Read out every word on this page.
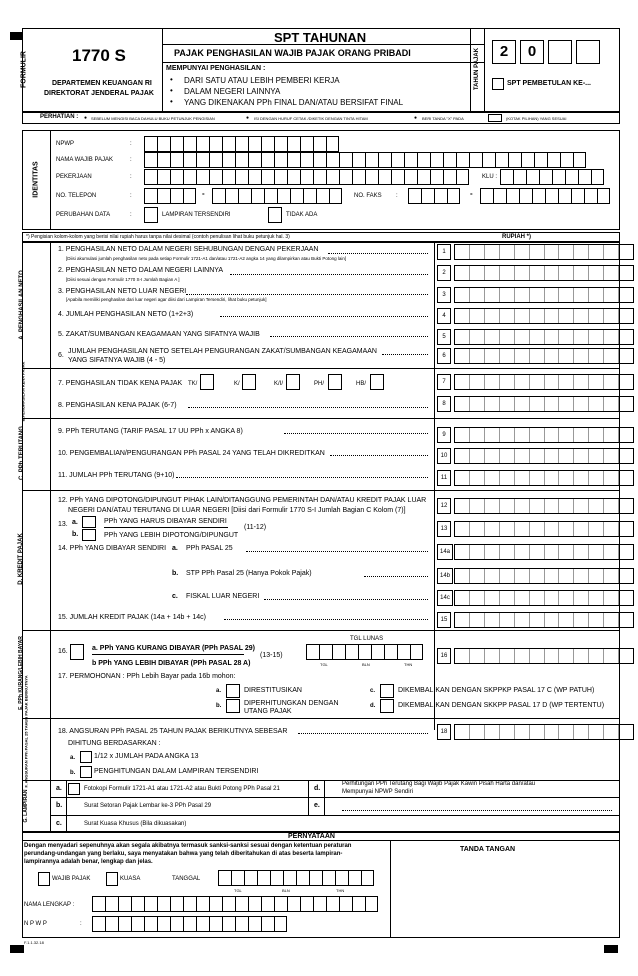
FORMULIR	1770 S
DEPARTEMEN KEUANGAN RI
DIREKTORAT JENDERAL PAJAK
SPT TAHUNAN
PAJAK PENGHASILAN WAJIB PAJAK ORANG PRIBADI
MEMPUNYAI PENGHASILAN :
• DARI SATU ATAU LEBIH PEMBERI KERJA
• DALAM NEGERI LAINNYA
• YANG DIKENAKAN PPh FINAL DAN/ATAU BERSIFAT FINAL
TAHUN PAJAK	2	0
SPT PEMBETULAN KE-...
PERHATIAN : ● SEBELUM MENGISI BACA DAHULU BUKU PETUNJUK PENGISIAN	● ISI DENGAN HURUF CETAK /DIKETIK DENGAN TINTA HITAM	● BERI TANDA "X" PADA	(KOTAK PILIHAN) YANG SESUAI
IDENTITAS
NPWP	:
NAMA WAJIB PAJAK	:
PEKERJAAN	:	KLU :
NO. TELEPON	:	-	NO. FAKS :	-
PERUBAHAN DATA	:	LAMPIRAN TERSENDIRI	TIDAK ADA
*) Pengisian kolom-kolom yang berisi nilai rupiah harus tanpa nilai desimal (contoh penulisan lihat buku petunjuk hal. 3)	RUPIAH *)
A. PENGHASILAN NETO
B.PENGHASILAN KENA PAJAK
C. PPh TERUTANG
D. KREDIT PAJAK
E. PPh KURANG/LEBIH BAYAR
F. ANGSURAN PPh PASAL 25 TAHUN PAJAK BERIKUTNYA
G. LAMPIRAN
1. PENGHASILAN NETO DALAM NEGERI SEHUBUNGAN DENGAN PEKERJAAN
[Diisi akumulasi jumlah penghasilan neto pada setiap Formulir 1721-A1 dan/atau 1721-A2 angka 14 yang dilampirkan atau Bukti Potong lain]
1
2. PENGHASILAN NETO DALAM NEGERI LAINNYA
[Diisi sesuai dengan Formulir 1770 S-I Jumlah Bagian A ]
2
3. PENGHASILAN NETO LUAR NEGERI
[Apabila memiliki penghasilan dari luar negeri agar diisi dari Lampiran Tersendiri, lihat buku petunjuk]
3
4. JUMLAH PENGHASILAN NETO (1+2+3)	4
5. ZAKAT/SUMBANGAN KEAGAMAAN YANG SIFATNYA WAJIB	5
6.
JUMLAH PENGHASILAN NETO SETELAH PENGURANGAN ZAKAT/SUMBANGAN KEAGAMAAN
YANG SIFATNYA WAJIB (4 - 5)
6
7. PENGHASILAN TIDAK KENA PAJAK TK/	K/	K/I/	PH/	HB/	7
8. PENGHASILAN KENA PAJAK (6-7)	8
9. PPh TERUTANG (TARIF PASAL 17 UU PPh x ANGKA 8)	9
10. PENGEMBALIAN/PENGURANGAN PPh PASAL 24 YANG TELAH DIKREDITKAN	10
11. JUMLAH PPh TERUTANG (9+10)	11
12. PPh YANG DIPOTONG/DIPUNGUT PIHAK LAIN/DITANGGUNG PEMERINTAH DAN/ATAU KREDIT PAJAK LUAR
NEGERI DAN/ATAU TERUTANG DI LUAR NEGERI [Diisi dari Formulir 1770 S-I Jumlah Bagian C Kolom (7)]
12
13. a.	PPh YANG HARUS DIBAYAR SENDIRI
b.	PPh YANG LEBIH DIPOTONG/DIPUNGUT
(11-12)	13
14. PPh YANG DIBAYAR SENDIRI a. PPh PASAL 25	14a
b. STP PPh Pasal 25 (Hanya Pokok Pajak)	14b
c. FISKAL LUAR NEGERI	14c
15. JUMLAH KREDIT PAJAK (14a + 14b + 14c)	15
TGL LUNAS
16.	a. PPh YANG KURANG DIBAYAR (PPh PASAL 29)
b PPh YANG LEBIH DIBAYAR (PPh PASAL 28 A)
(13-15)
TGL	BLN	THN
16
17. PERMOHONAN : PPh Lebih Bayar pada 16b mohon:
a.	DIRESTITUSIKAN
b.	DIPERHITUNGKAN DENGAN UTANG PAJAK
c.	DIKEMBALIKAN DENGAN SKPPKP PASAL 17 C (WP PATUH)
d.	DIKEMBALIKAN DENGAN SKKPP PASAL 17 D (WP TERTENTU)
18. ANGSURAN PPh PASAL 25 TAHUN PAJAK BERIKUTNYA SEBESAR	18
DIHITUNG BERDASARKAN :
a.	1/12 x JUMLAH PADA ANGKA 13
b.	PENGHITUNGAN DALAM LAMPIRAN TERSENDIRI
a.	Fotokopi Formulir 1721-A1 atau 1721-A2 atau Bukti Potong PPh Pasal 21
b.	Surat Setoran Pajak Lembar ke-3 PPh Pasal 29
c.	Surat Kuasa Khusus (Bila dikuasakan)
d.
Perhitungan PPh Terutang Bagi Wajib Pajak Kawin Pisah Harta dan/atau
Mempunyai NPWP Sendiri
e.
PERNYATAAN
Dengan menyadari sepenuhnya akan segala akibatnya termasuk sanksi-sanksi sesuai dengan ketentuan peraturan
perundang-undangan yang berlaku, saya menyatakan bahwa yang telah diberitahukan di atas beserta lampiran-
lampirannya adalah benar, lengkap dan jelas.
TANDA TANGAN
WAJIB PAJAK	KUASA	TANGGAL
TGL	BLN	THN
NAMA LENGKAP :
N P W P	:
F.1.1.32.18
